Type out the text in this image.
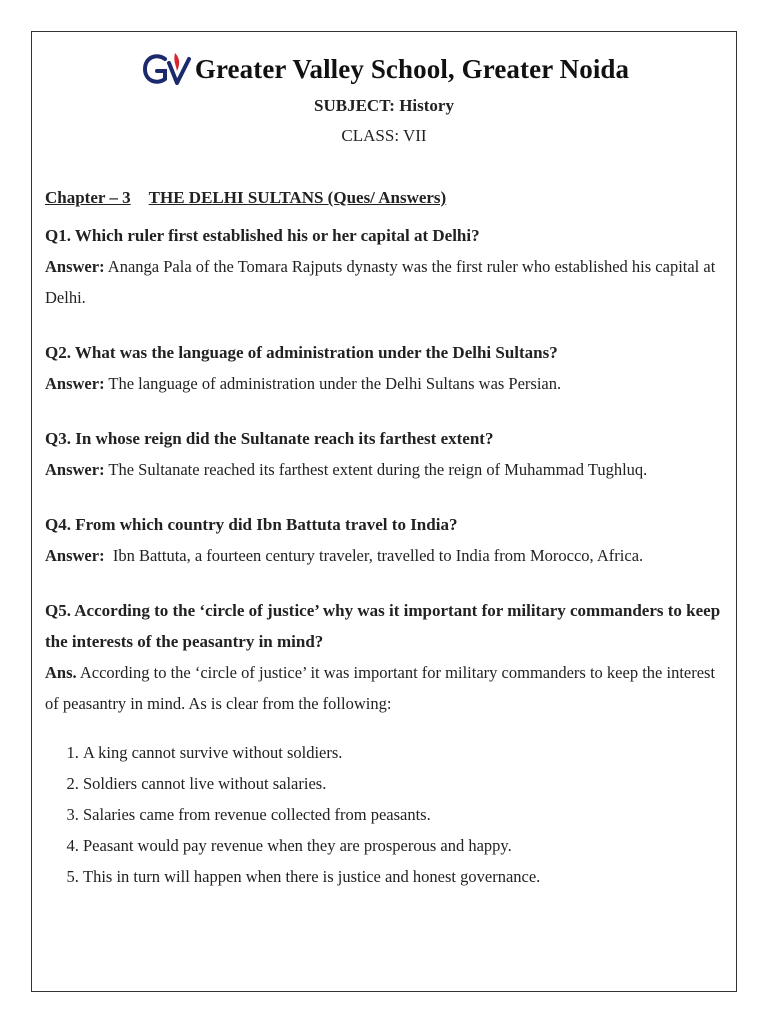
Greater Valley School, Greater Noida
SUBJECT: History
CLASS: VII
Chapter – 3 THE DELHI SULTANS (Ques/ Answers)
Q1. Which ruler first established his or her capital at Delhi?
Answer: Ananga Pala of the Tomara Rajputs dynasty was the first ruler who established his capital at Delhi.
Q2. What was the language of administration under the Delhi Sultans?
Answer: The language of administration under the Delhi Sultans was Persian.
Q3. In whose reign did the Sultanate reach its farthest extent?
Answer: The Sultanate reached its farthest extent during the reign of Muhammad Tughluq.
Q4. From which country did Ibn Battuta travel to India?
Answer:  Ibn Battuta, a fourteen century traveler, travelled to India from Morocco, Africa.
Q5. According to the ‘circle of justice’ why was it important for military commanders to keep the interests of the peasantry in mind?
Ans. According to the ‘circle of justice’ it was important for military commanders to keep the interest of peasantry in mind. As is clear from the following:
1. A king cannot survive without soldiers.
2. Soldiers cannot live without salaries.
3. Salaries came from revenue collected from peasants.
4. Peasant would pay revenue when they are prosperous and happy.
5. This in turn will happen when there is justice and honest governance.
